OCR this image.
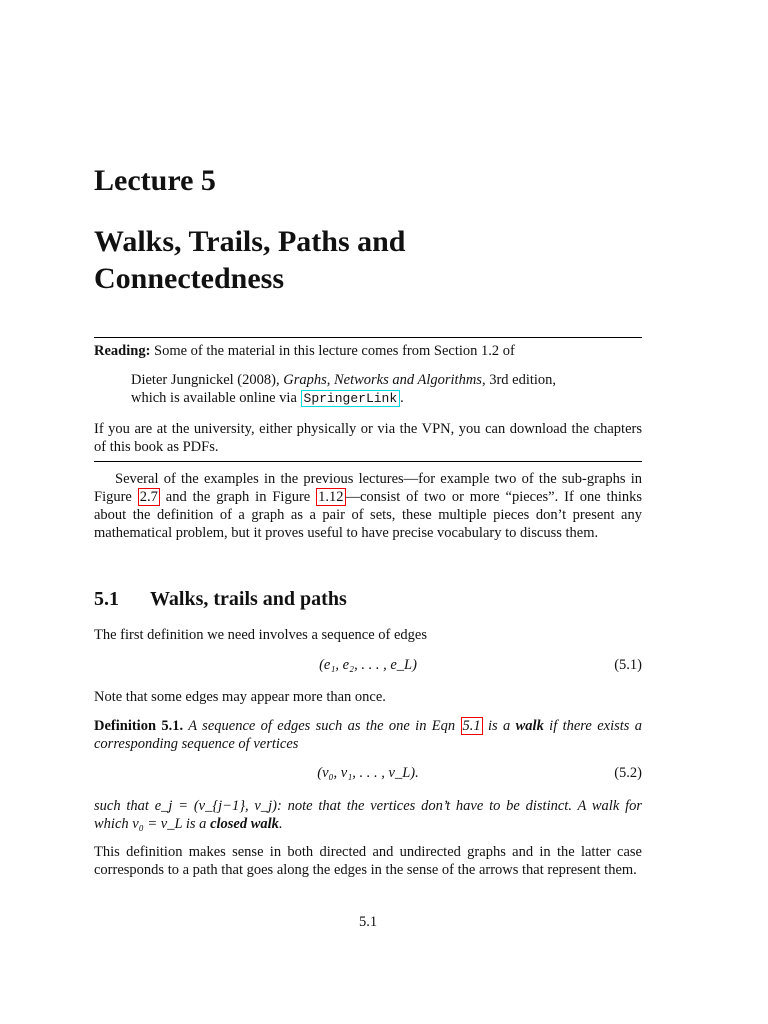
Lecture 5
Walks, Trails, Paths and
Connectedness
Reading: Some of the material in this lecture comes from Section 1.2 of
Dieter Jungnickel (2008), Graphs, Networks and Algorithms, 3rd edition,
which is available online via SpringerLink .
If you are at the university, either physically or via the VPN, you can download the chapters of this book as PDFs.
Several of the examples in the previous lectures—for example two of the sub-graphs in Figure 2.7 and the graph in Figure 1.12 —consist of two or more “pieces”. If one thinks about the definition of a graph as a pair of sets, these multiple pieces don’t present any mathematical problem, but it proves useful to have precise vocabulary to discuss them.
5.1 Walks, trails and paths
The first definition we need involves a sequence of edges
(e₁, e₂, . . . , e_L)	(5.1)
Note that some edges may appear more than once.
Definition 5.1. A sequence of edges such as the one in Eqn 5.1 is a walk if there exists a corresponding sequence of vertices
(v₀, v₁, . . . , v_L).	(5.2)
such that e_j = (v_{j−1}, v_j): note that the vertices don’t have to be distinct. A walk for which v₀ = v_L is a closed walk.
This definition makes sense in both directed and undirected graphs and in the latter case corresponds to a path that goes along the edges in the sense of the arrows that represent them.
5.1
